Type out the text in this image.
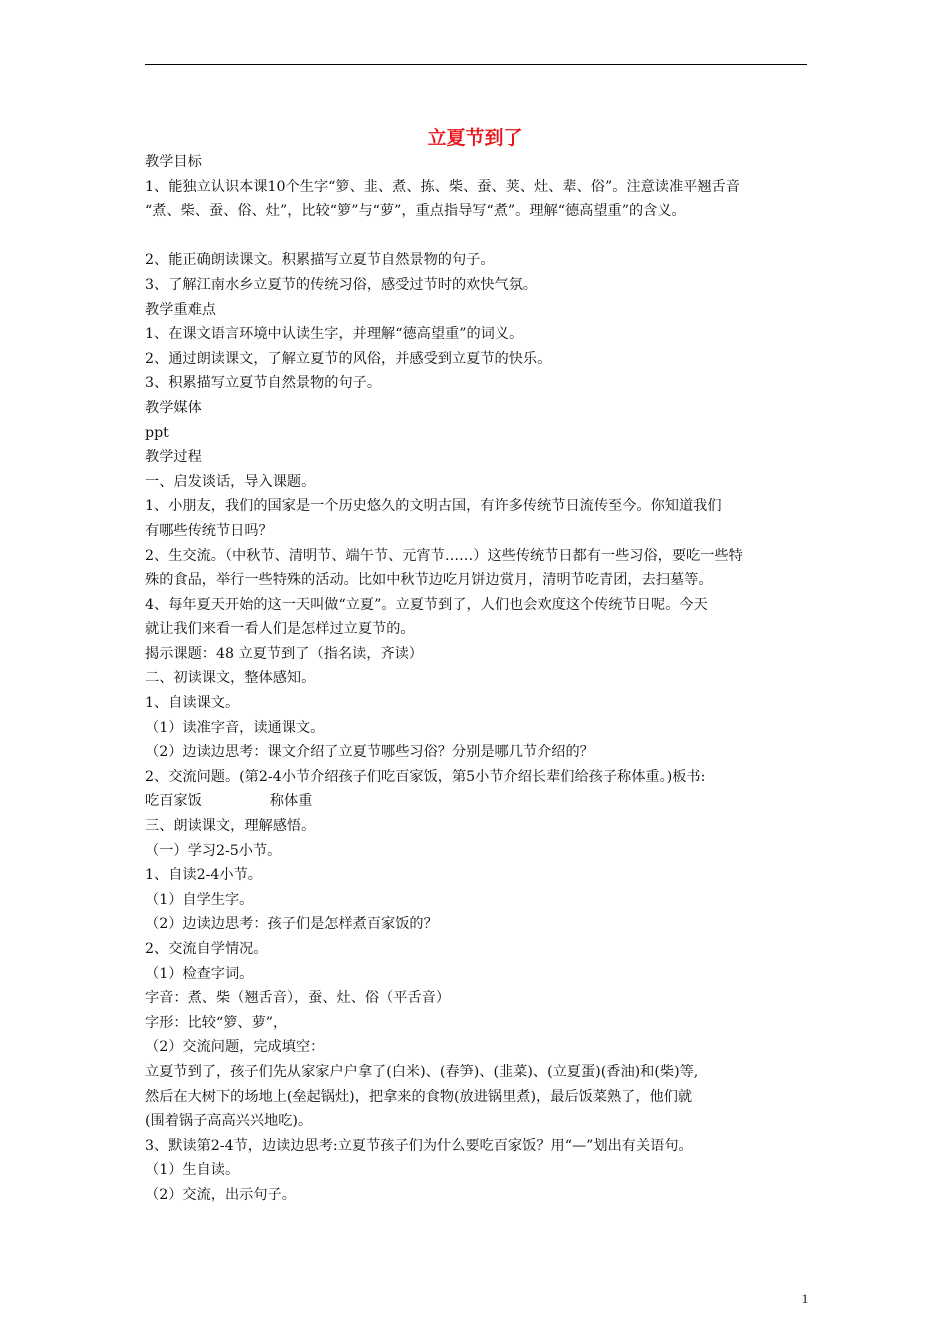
立夏节到了

教学目标

1、能独立认识本课10个生字“箩、韭、煮、拣、柴、蚕、荚、灶、辈、俗”。注意读准平翘舌音

“煮、柴、蚕、俗、灶”，比较“箩”与“萝”，重点指导写“煮”。理解“德高望重”的含义。

2、能正确朗读课文。积累描写立夏节自然景物的句子。

3、了解江南水乡立夏节的传统习俗，感受过节时的欢快气氛。

教学重难点

1、在课文语言环境中认读生字，并理解“德高望重”的词义。

2、通过朗读课文，了解立夏节的风俗，并感受到立夏节的快乐。

3、积累描写立夏节自然景物的句子。

教学媒体

ppt

教学过程

一、启发谈话，导入课题。

1、小朋友，我们的国家是一个历史悠久的文明古国，有许多传统节日流传至今。你知道我们

有哪些传统节日吗？

2、生交流。（中秋节、清明节、端午节、元宵节……）这些传统节日都有一些习俗，要吃一些特

殊的食品，举行一些特殊的活动。比如中秋节边吃月饼边赏月，清明节吃青团，去扫墓等。

4、每年夏天开始的这一天叫做“立夏”。立夏节到了，人们也会欢度这个传统节日呢。今天

就让我们来看一看人们是怎样过立夏节的。

揭示课题：48 立夏节到了（指名读，齐读）

二、初读课文，整体感知。

1、自读课文。

（1）读准字音，读通课文。

（2）边读边思考：课文介绍了立夏节哪些习俗？分别是哪几节介绍的？

2、交流问题。(第2-4小节介绍孩子们吃百家饭，第5小节介绍长辈们给孩子称体重。)板书:

吃百家饭	称体重

三、朗读课文，理解感悟。

（一）学习2-5小节。

1、自读2-4小节。

（1）自学生字。

（2）边读边思考：孩子们是怎样煮百家饭的？

2、交流自学情况。

（1）检查字词。

字音：煮、柴（翘舌音），蚕、灶、俗（平舌音）

字形：比较“箩、萝”，

（2）交流问题，完成填空：

立夏节到了，孩子们先从家家户户拿了(白米)、(春笋)、(韭菜)、(立夏蛋)(香油)和(柴)等,

然后在大树下的场地上(垒起锅灶)，把拿来的食物(放进锅里煮)，最后饭菜熟了，他们就

(围着锅子高高兴兴地吃)。

3、默读第2-4节，边读边思考:立夏节孩子们为什么要吃百家饭？用“—”划出有关语句。

（1）生自读。

（2）交流，出示句子。

1
